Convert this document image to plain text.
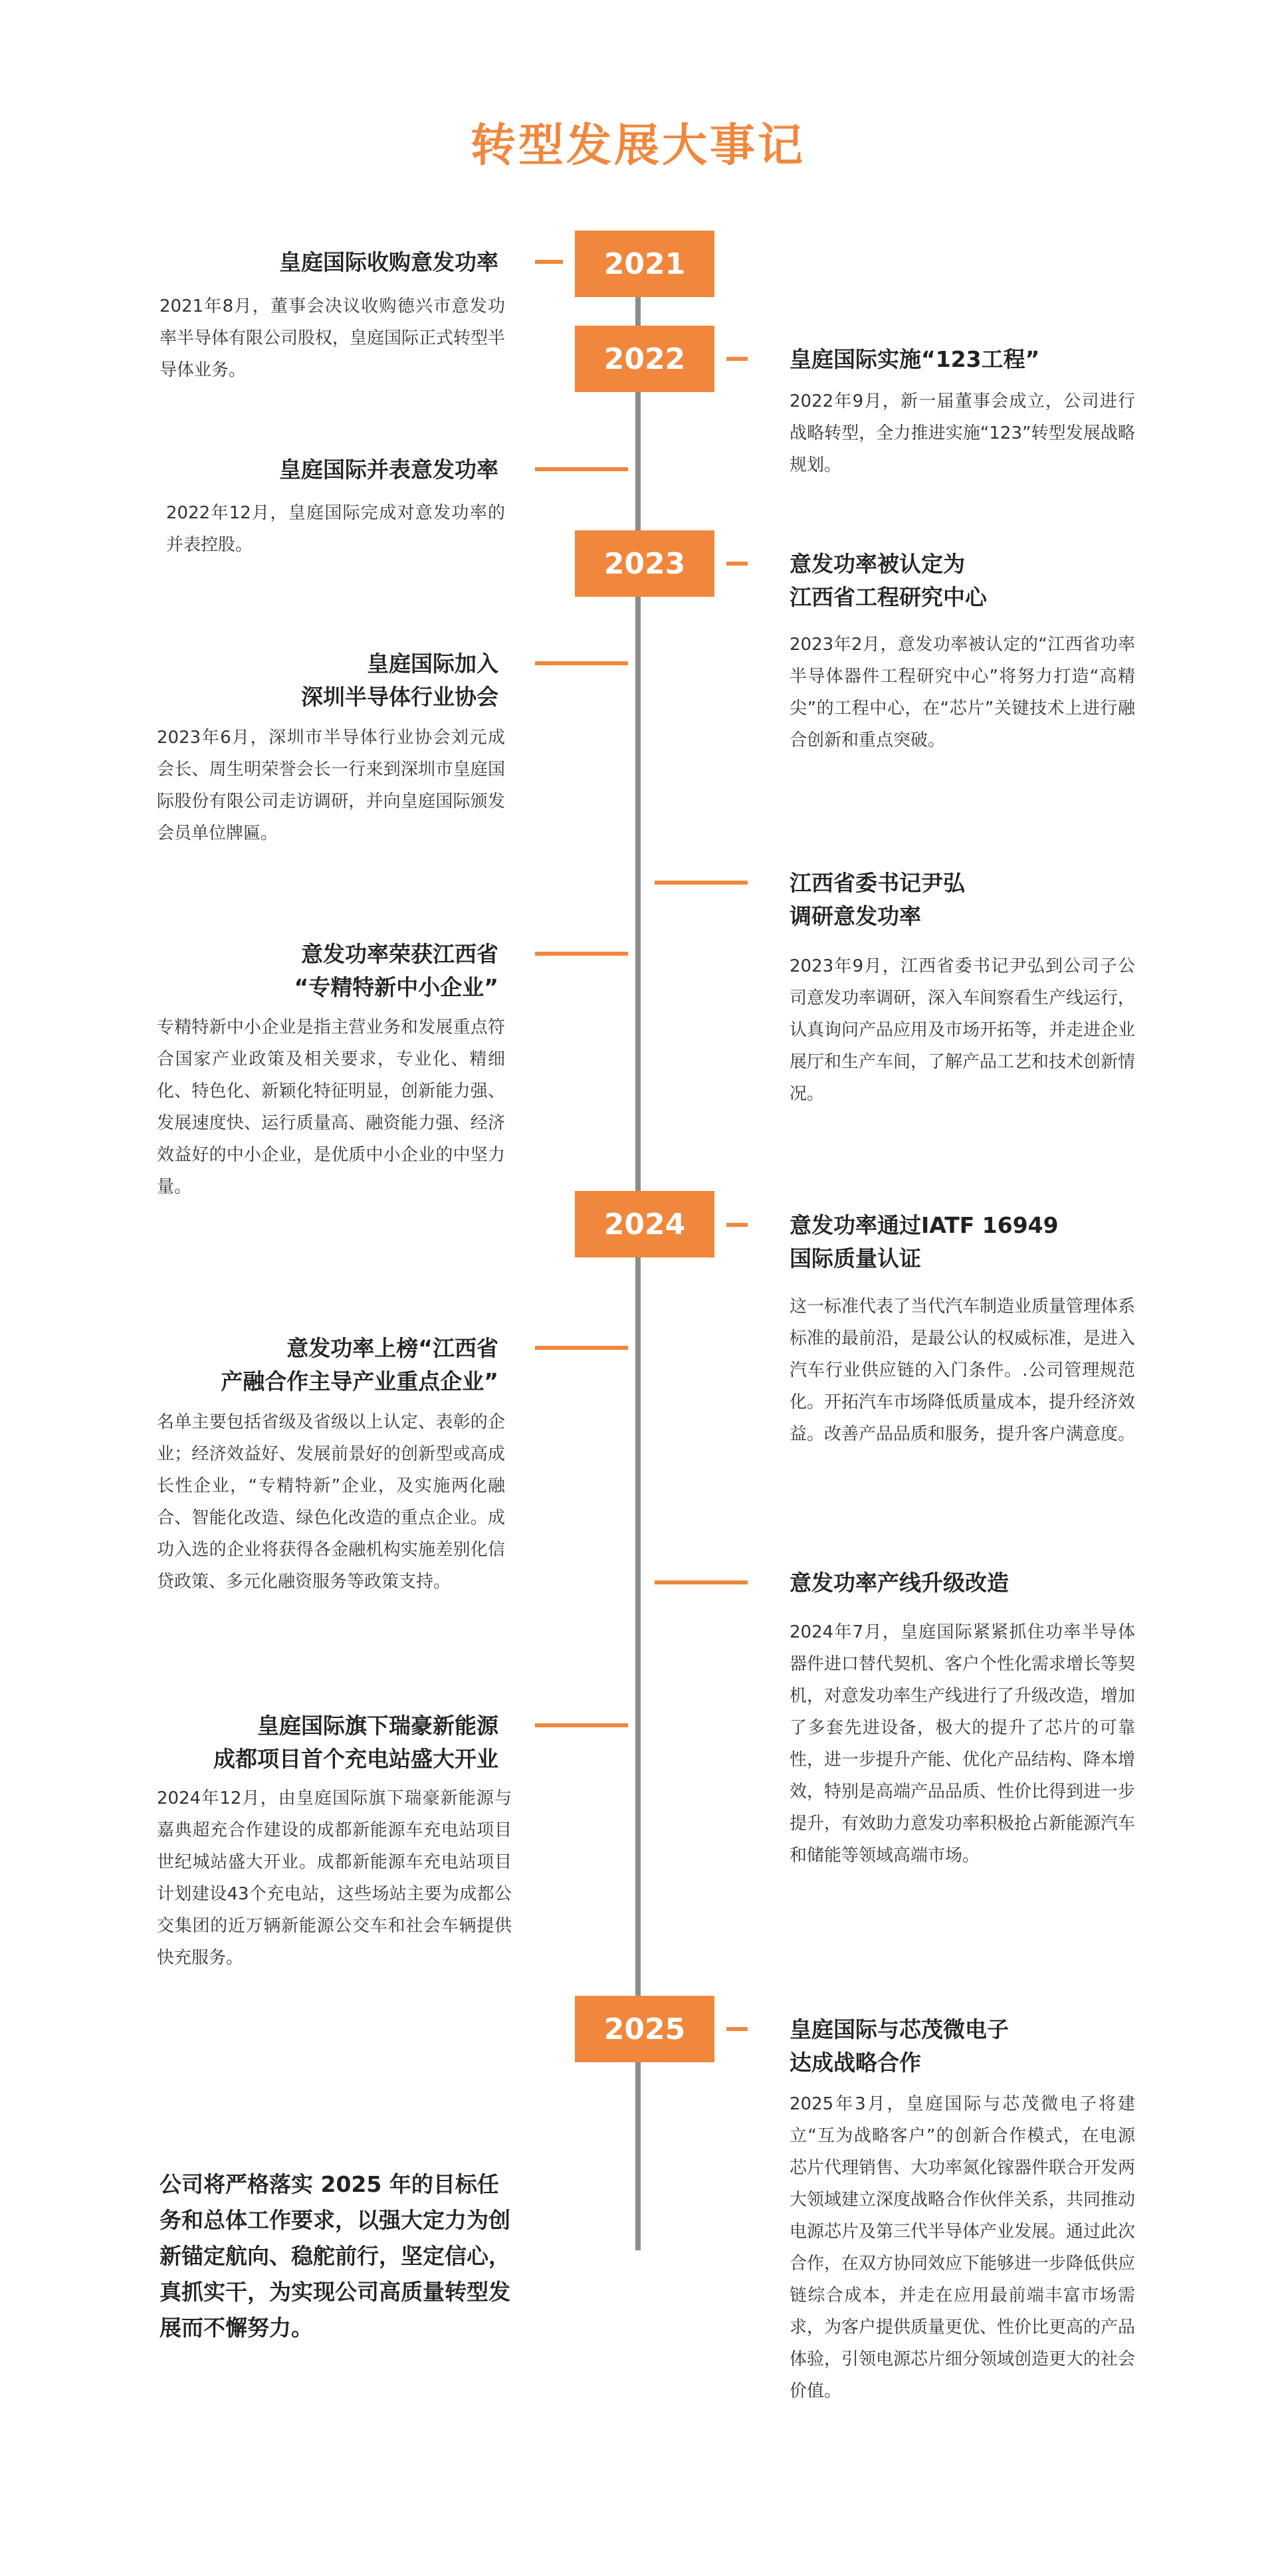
转型发展大事记
2021
2022
2023
2024
2025
皇庭国际收购意发功率

2021年8月，董事会决议收购德兴市意发功率半导体有限公司股权，皇庭国际正式转型半导体业务。

皇庭国际并表意发功率

2022年12月，皇庭国际完成对意发功率的并表控股。

皇庭国际加入
深圳半导体行业协会

2023年6月，深圳市半导体行业协会刘元成会长、周生明荣誉会长一行来到深圳市皇庭国际股份有限公司走访调研，并向皇庭国际颁发会员单位牌匾。

意发功率荣获江西省
“专精特新中小企业”

专精特新中小企业是指主营业务和发展重点符合国家产业政策及相关要求，专业化、精细化、特色化、新颖化特征明显，创新能力强、发展速度快、运行质量高、融资能力强、经济效益好的中小企业，是优质中小企业的中坚力量。

意发功率上榜“江西省
产融合作主导产业重点企业”

名单主要包括省级及省级以上认定、表彰的企业；经济效益好、发展前景好的创新型或高成长性企业，“专精特新”企业，及实施两化融合、智能化改造、绿色化改造的重点企业。成功入选的企业将获得各金融机构实施差别化信贷政策、多元化融资服务等政策支持。

皇庭国际旗下瑞豪新能源
成都项目首个充电站盛大开业

2024年12月，由皇庭国际旗下瑞豪新能源与嘉典超充合作建设的成都新能源车充电站项目世纪城站盛大开业。成都新能源车充电站项目计划建设43个充电站，这些场站主要为成都公交集团的近万辆新能源公交车和社会车辆提供快充服务。

公司将严格落实 2025 年的目标任务和总体工作要求，以强大定力为创新锚定航向、稳舵前行，坚定信心，真抓实干，为实现公司高质量转型发展而不懈努力。

皇庭国际实施“123工程”

2022年9月，新一届董事会成立，公司进行战略转型，全力推进实施“123”转型发展战略规划。

意发功率被认定为
江西省工程研究中心

2023年2月，意发功率被认定的“江西省功率半导体器件工程研究中心”将努力打造“高精尖”的工程中心，在“芯片”关键技术上进行融合创新和重点突破。

江西省委书记尹弘
调研意发功率

2023年9月，江西省委书记尹弘到公司子公司意发功率调研，深入车间察看生产线运行，认真询问产品应用及市场开拓等，并走进企业展厅和生产车间，了解产品工艺和技术创新情况。

意发功率通过IATF 16949
国际质量认证

这一标准代表了当代汽车制造业质量管理体系标准的最前沿，是最公认的权威标准，是进入汽车行业供应链的入门条件。.公司管理规范化。开拓汽车市场降低质量成本，提升经济效益。改善产品品质和服务，提升客户满意度。

意发功率产线升级改造

2024年7月，皇庭国际紧紧抓住功率半导体器件进口替代契机、客户个性化需求增长等契机，对意发功率生产线进行了升级改造，增加了多套先进设备，极大的提升了芯片的可靠性，进一步提升产能、优化产品结构、降本增效，特别是高端产品品质、性价比得到进一步提升，有效助力意发功率积极抢占新能源汽车和储能等领域高端市场。

皇庭国际与芯茂微电子
达成战略合作

2025年3月，皇庭国际与芯茂微电子将建立“互为战略客户”的创新合作模式，在电源芯片代理销售、大功率氮化镓器件联合开发两大领域建立深度战略合作伙伴关系，共同推动电源芯片及第三代半导体产业发展。通过此次合作，在双方协同效应下能够进一步降低供应链综合成本，并走在应用最前端丰富市场需求，为客户提供质量更优、性价比更高的产品体验，引领电源芯片细分领域创造更大的社会价值。
